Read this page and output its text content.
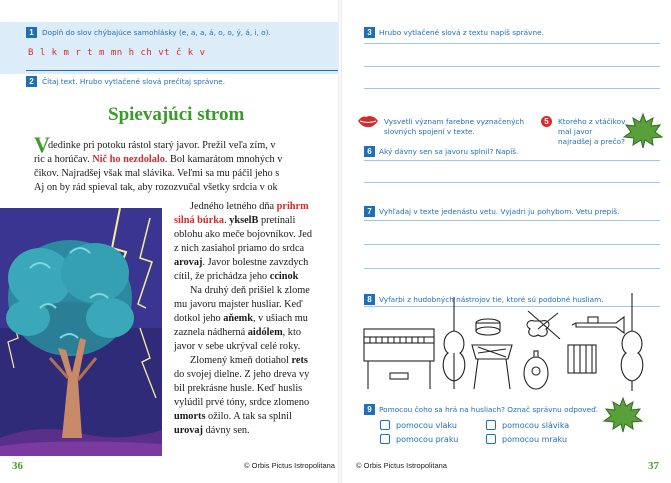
1	Doplň do slov chýbajúce samohlásky (e, a, a, á, o, o, ý, á, i, o).
B l k m r t m mn h ch vt č k v
2	Čítaj text. Hrubo vytlačené slová prečítaj správne.
Spievajúci strom
V
dedinke pri potoku rástol starý javor. Prežil veľa zím, v
ric a horúčav. Nič ho nezdolalo. Bol kamarátom mnohých v
čikov. Najradšej však mal slávika. Veľmi sa mu páčil jeho s
Aj on by rád spieval tak, aby rozozvučal všetky srdcia v ok
Jedného letného dňa prihrm
silná búrka. ykselB pretínali
oblohu ako meče bojovníkov. Jed
z nich zasiahol priamo do srdca
arovaj. Javor bolestne zavzdych
cítil, že prichádza jeho ccinok
Na druhý deň prišiel k zlome
mu javoru majster husliar. Keď
dotkol jeho aňemk, v ušiach mu
zaznela nádherná aidólem, kto
javor v sebe ukrýval celé roky.
Zlomený kmeň dotiahol rets
do svojej dielne. Z jeho dreva vy
bil prekrásne husle. Keď huslis
vylúdil prvé tóny, srdce zlomeno
umorts ožilo. A tak sa splnil
urovaj dávny sen.
36	© Orbis Pictus Istropolitana
3 Hrubo vytlačené slová z textu napíš správne.
Vysvetli význam farebne vyznačených
slovných spojení v texte.
5	Ktorého z vtáčikov
mal javor
najradšej a prečo?
6 Aký dávny sen sa javoru splnil? Napíš.
7 Vyhľadaj v texte jedenástu vetu. Vyjadri ju pohybom. Vetu prepíš.
8 Vyfarbi z hudobných nástrojov tie, ktoré sú podobné husliam.
9 Pomocou čoho sa hrá na husliach? Označ správnu odpoveď.
pomocou vlaku	pomocou slávika
pomocou praku	pomocou mraku
© Orbis Pictus Istropolitana	37
